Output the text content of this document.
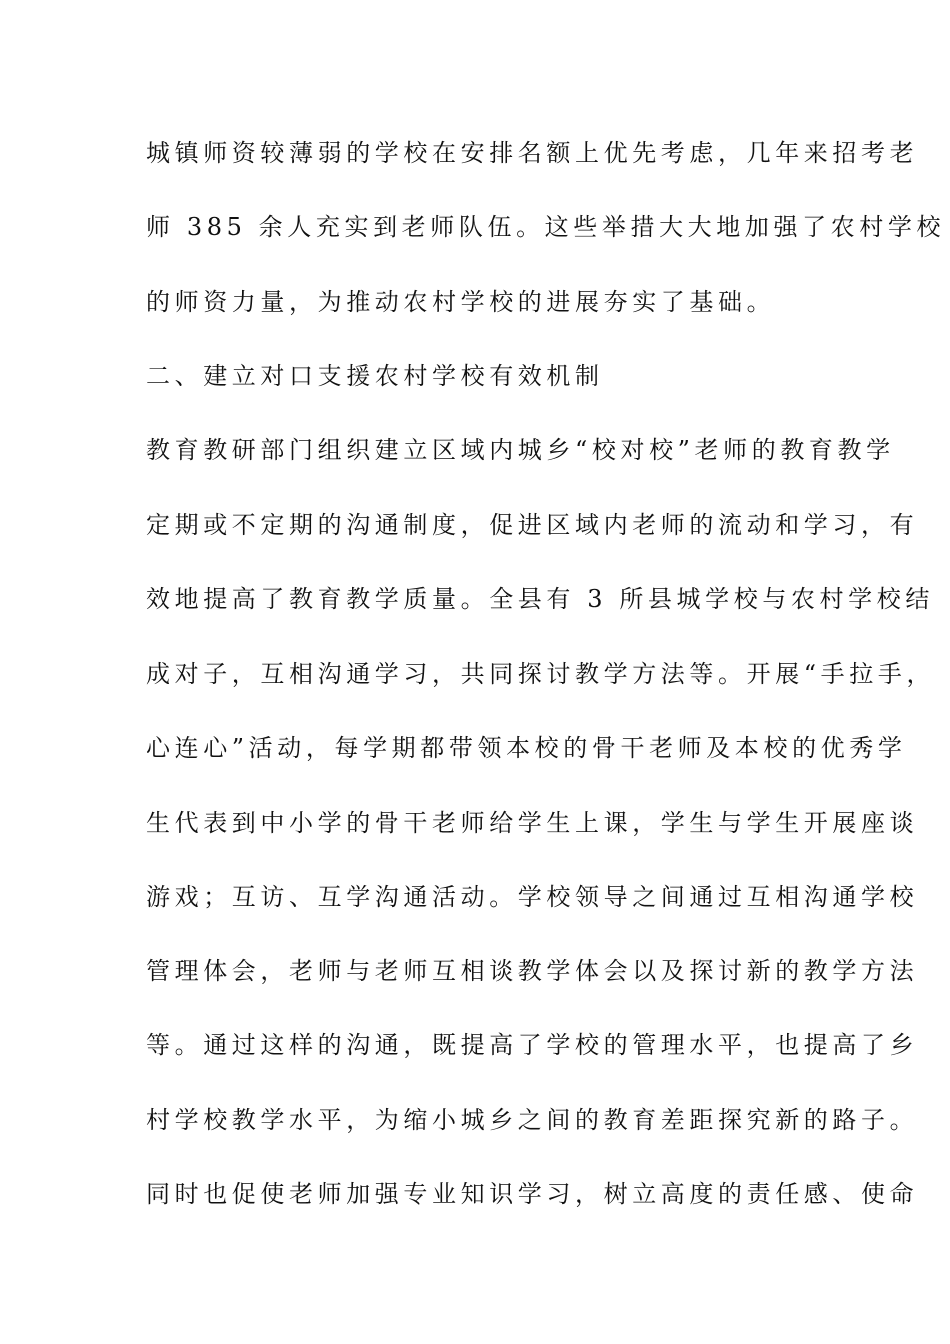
城镇师资较薄弱的学校在安排名额上优先考虑，几年来招考老
师 385 余人充实到老师队伍。这些举措大大地加强了农村学校
的师资力量，为推动农村学校的进展夯实了基础。
二、建立对口支援农村学校有效机制
教育教研部门组织建立区域内城乡“校对校”老师的教育教学
定期或不定期的沟通制度，促进区域内老师的流动和学习，有
效地提高了教育教学质量。全县有 3 所县城学校与农村学校结
成对子，互相沟通学习，共同探讨教学方法等。开展“手拉手，
心连心”活动，每学期都带领本校的骨干老师及本校的优秀学
生代表到中小学的骨干老师给学生上课，学生与学生开展座谈
游戏；互访、互学沟通活动。学校领导之间通过互相沟通学校
管理体会，老师与老师互相谈教学体会以及探讨新的教学方法
等。通过这样的沟通，既提高了学校的管理水平，也提高了乡
村学校教学水平，为缩小城乡之间的教育差距探究新的路子。
同时也促使老师加强专业知识学习，树立高度的责任感、使命
